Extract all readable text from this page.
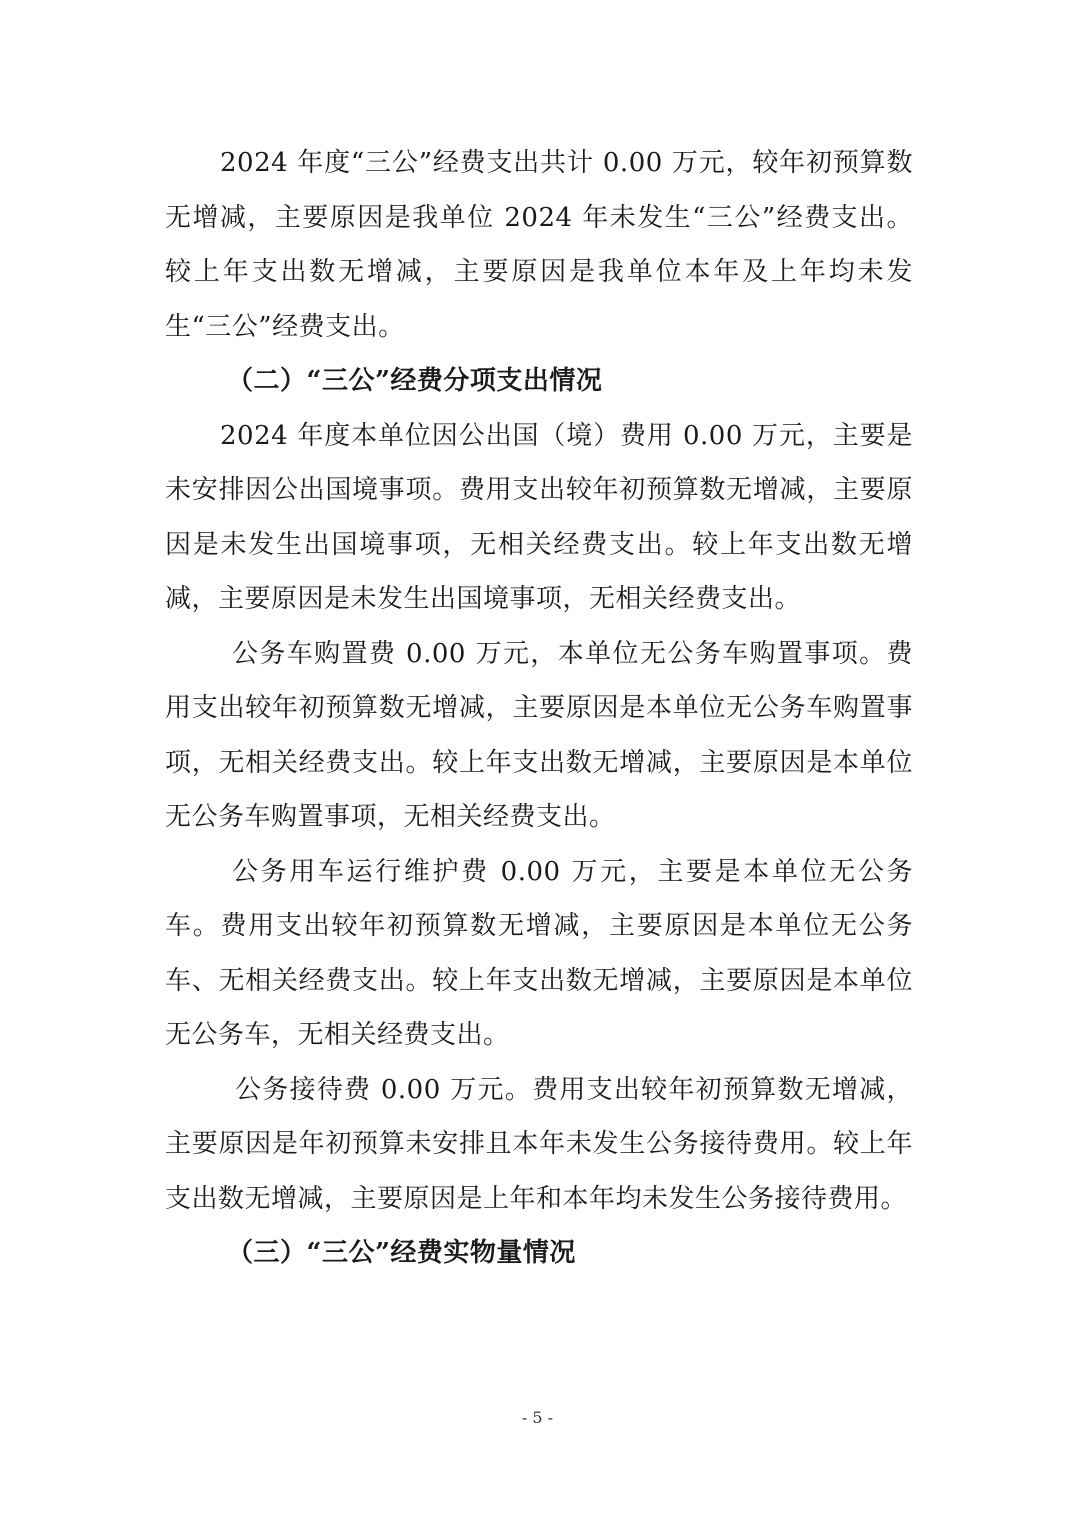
2024 年度“三公”经费支出共计 0.00 万元，较年初预算数无增减，主要原因是我单位 2024 年未发生“三公”经费支出。较上年支出数无增减，主要原因是我单位本年及上年均未发生“三公”经费支出。

（二）“三公”经费分项支出情况

2024 年度本单位因公出国（境）费用 0.00 万元，主要是未安排因公出国境事项。费用支出较年初预算数无增减，主要原因是未发生出国境事项，无相关经费支出。较上年支出数无增减，主要原因是未发生出国境事项，无相关经费支出。

公务车购置费 0.00 万元，本单位无公务车购置事项。费用支出较年初预算数无增减，主要原因是本单位无公务车购置事项，无相关经费支出。较上年支出数无增减，主要原因是本单位无公务车购置事项，无相关经费支出。

公务用车运行维护费 0.00 万元，主要是本单位无公务车。费用支出较年初预算数无增减，主要原因是本单位无公务车、无相关经费支出。较上年支出数无增减，主要原因是本单位无公务车，无相关经费支出。

公务接待费 0.00 万元。费用支出较年初预算数无增减，主要原因是年初预算未安排且本年未发生公务接待费用。较上年支出数无增减，主要原因是上年和本年均未发生公务接待费用。

（三）“三公”经费实物量情况

- 5 -
